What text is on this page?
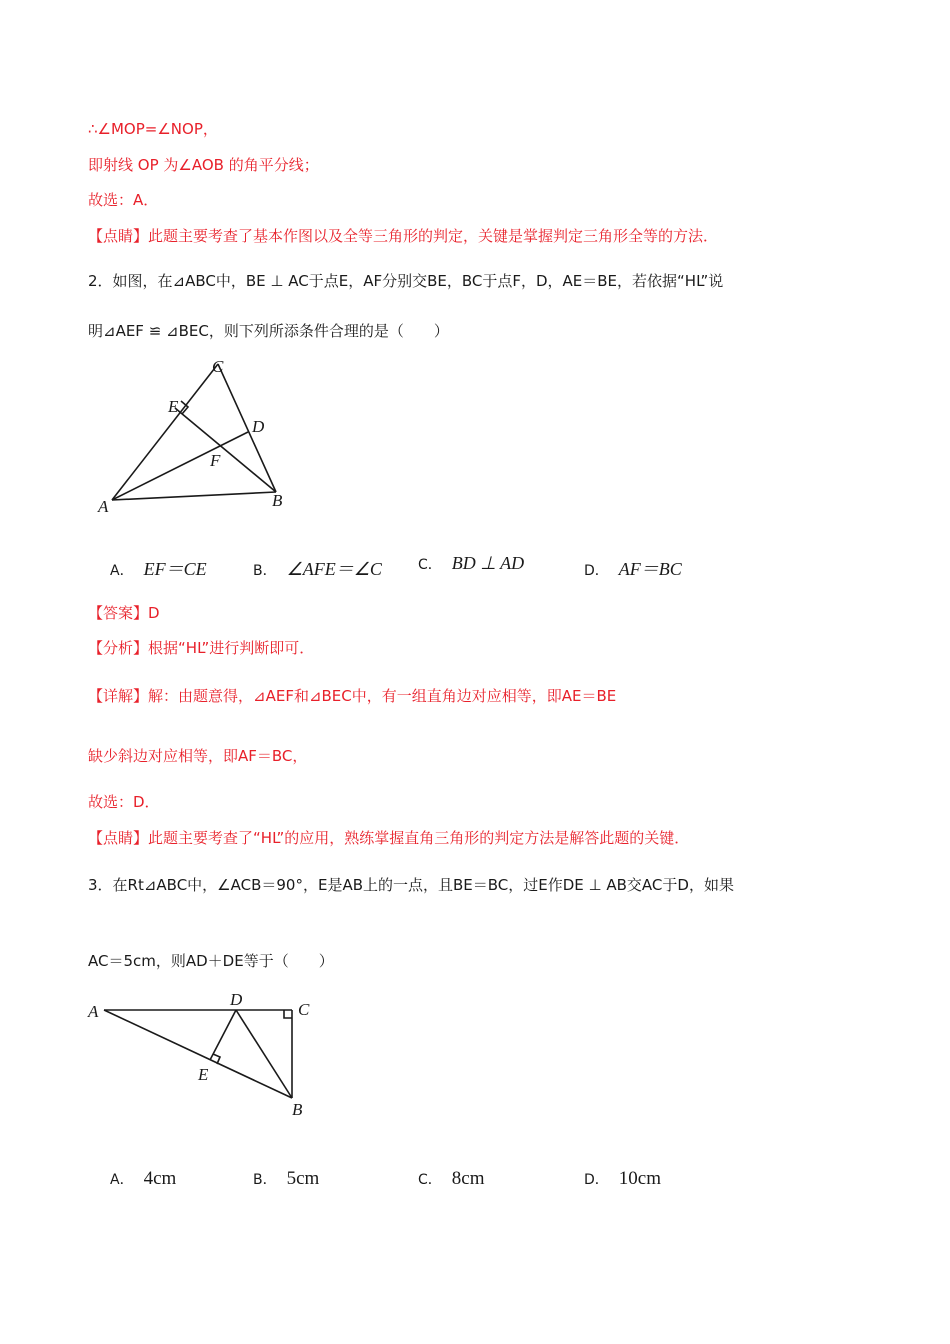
∴∠MOP=∠NOP，
即射线 OP 为∠AOB 的角平分线；
故选：A．
【点睛】此题主要考查了基本作图以及全等三角形的判定，关键是掌握判定三角形全等的方法．
2．如图，在⊿ABC中，BE ⊥ AC于点E，AF分别交BE，BC于点F，D，AE＝BE，若依据“HL”说
明⊿AEF ≌ ⊿BEC，则下列所添条件合理的是（　　）
C
E
D
F
A	B
A． EF＝CE	B． ∠AFE＝∠C	C． BD ⊥ AD	D． AF＝BC
【答案】D
【分析】根据“HL”进行判断即可．
【详解】解：由题意得，⊿AEF和⊿BEC中，有一组直角边对应相等，即AE＝BE
缺少斜边对应相等，即AF＝BC，
故选：D．
【点睛】此题主要考查了“HL”的应用，熟练掌握直角三角形的判定方法是解答此题的关键．
3．在Rt⊿ABC中，∠ACB＝90°，E是AB上的一点，且BE＝BC，过E作DE ⊥ AB交AC于D，如果
AC＝5cm，则AD＋DE等于（　　）
A
D
C
E
B
A． 4cm	B． 5cm	C． 8cm	D． 10cm
